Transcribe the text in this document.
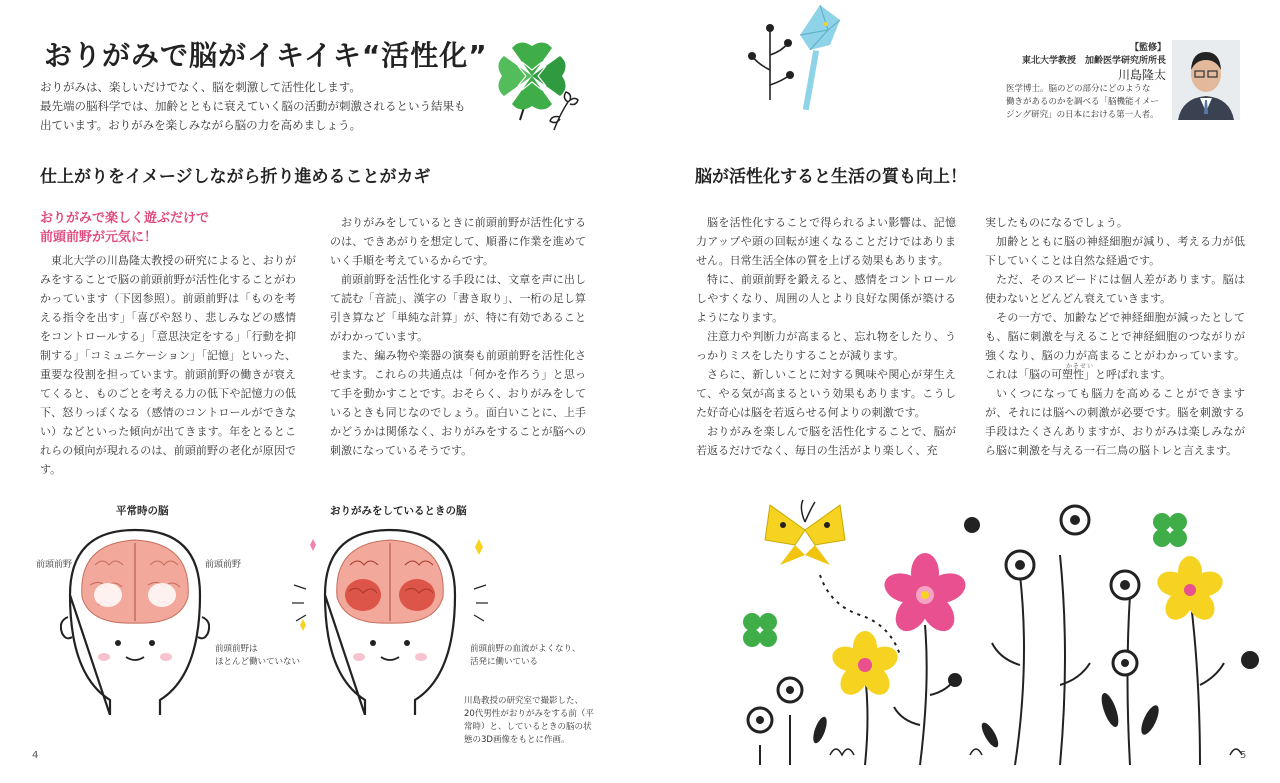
おりがみで脳がイキイキ“活性化”
おりがみは、楽しいだけでなく、脳を刺激して活性化します。
最先端の脳科学では、加齢とともに衰えていく脳の活動が刺激されるという結果も
出ています。おりがみを楽しみながら脳の力を高めましょう。
仕上がりをイメージしながら折り進めることがカギ
おりがみで楽しく遊ぶだけで
前頭前野が元気に！

東北大学の川島隆太教授の研究によると、おりがみをすることで脳の前頭前野が活性化することがわかっています（下図参照）。前頭前野は「ものを考える指令を出す」「喜びや怒り、悲しみなどの感情をコントロールする」「意思決定をする」「行動を抑制する」「コミュニケーション」「記憶」といった、重要な役割を担っています。前頭前野の働きが衰えてくると、ものごとを考える力の低下や記憶力の低下、怒りっぽくなる（感情のコントロールができない）などといった傾向が出てきます。年をとるとこれらの傾向が現れるのは、前頭前野の老化が原因です。

おりがみをしているときに前頭前野が活性化するのは、できあがりを想定して、順番に作業を進めていく手順を考えているからです。

前頭前野を活性化する手段には、文章を声に出して読む「音読」、漢字の「書き取り」、一桁の足し算引き算など「単純な計算」が、特に有効であることがわかっています。

また、編み物や楽器の演奏も前頭前野を活性化させます。これらの共通点は「何かを作ろう」と思って手を動かすことです。おそらく、おりがみをしているときも同じなのでしょう。面白いことに、上手かどうかは関係なく、おりがみをすることが脳への刺激になっているそうです。

平常時の脳	おりがみをしているときの脳
前頭前野	前頭前野
前頭前野は
ほとんど働いていない
前頭前野の血流がよくなり、
活発に働いている
川島教授の研究室で撮影した、
20代男性がおりがみをする前（平
常時）と、しているときの脳の状
態の3D画像をもとに作画。
4
【監修】
東北大学教授　加齢医学研究所所長
川島隆太
医学博士。脳のどの部分にどのような
働きがあるのかを調べる「脳機能イメー
ジング研究」の日本における第一人者。
脳が活性化すると生活の質も向上！

脳を活性化することで得られるよい影響は、記憶力アップや頭の回転が速くなることだけではありません。日常生活全体の質を上げる効果もあります。

特に、前頭前野を鍛えると、感情をコントロールしやすくなり、周囲の人とより良好な関係が築けるようになります。

注意力や判断力が高まると、忘れ物をしたり、うっかりミスをしたりすることが減ります。

さらに、新しいことに対する興味や関心が芽生えて、やる気が高まるという効果もあります。こうした好奇心は脳を若返らせる何よりの刺激です。

おりがみを楽しんで脳を活性化することで、脳が若返るだけでなく、毎日の生活がより楽しく、充

実したものになるでしょう。

加齢とともに脳の神経細胞が減り、考える力が低下していくことは自然な経過です。

ただ、そのスピードには個人差があります。脳は使わないとどんどん衰えていきます。

その一方で、加齢などで神経細胞が減ったとしても、脳に刺激を与えることで神経細胞のつながりが強くなり、脳の力が高まることがわかっています。これは「脳の可塑性」と呼ばれます。

いくつになっても脳力を高めることができますが、それには脳への刺激が必要です。脳を刺激する手段はたくさんありますが、おりがみは楽しみながら脳に刺激を与える一石二鳥の脳トレと言えます。

かそせい
5
